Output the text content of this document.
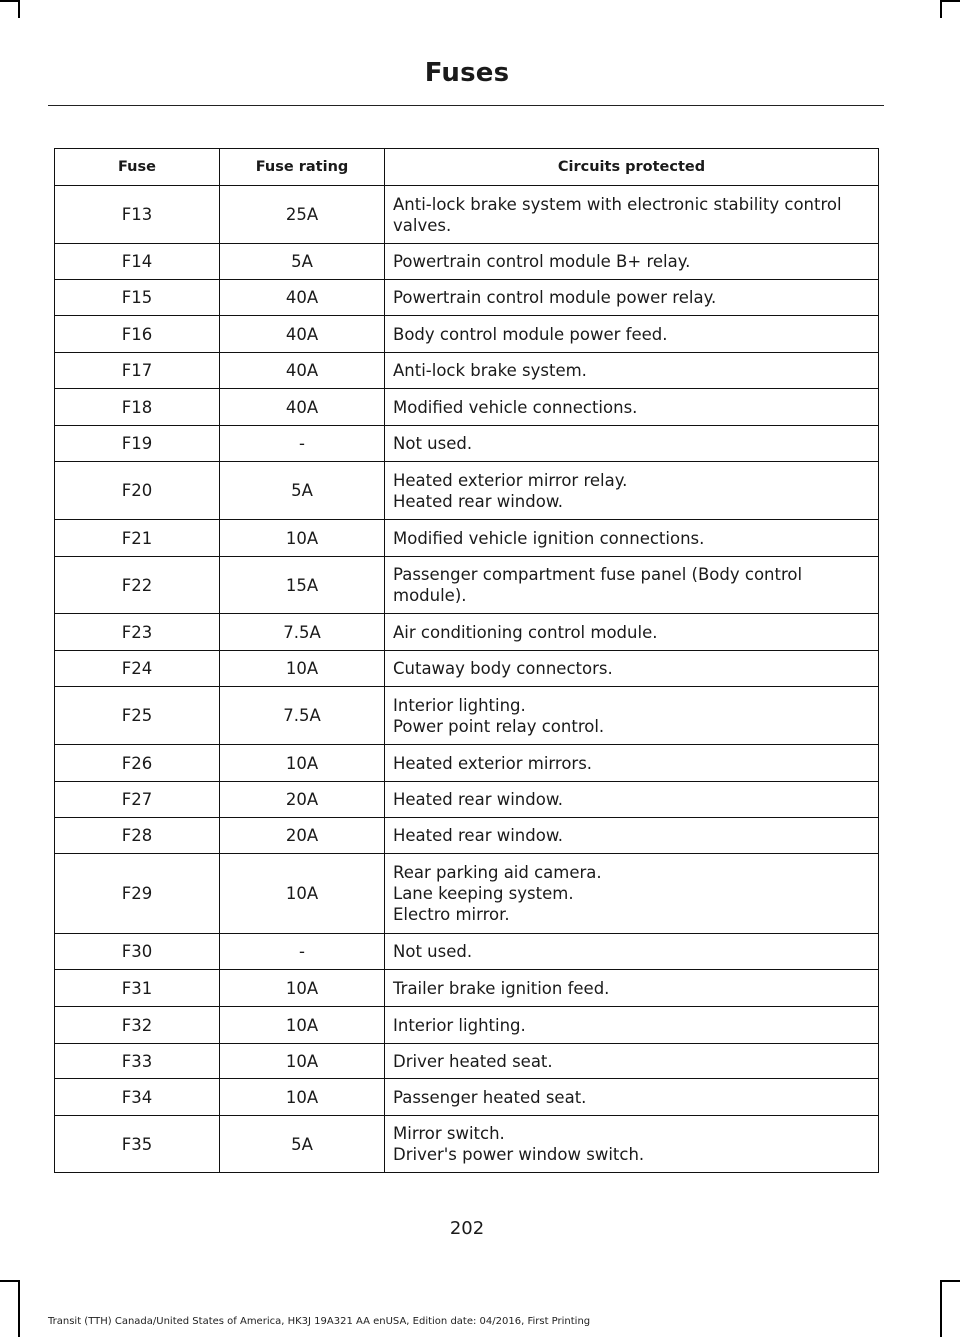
Fuses
Fuse	Fuse rating	Circuits protected
F13	25A	Anti-lock brake system with electronic stability control valves.

F14	5A	Powertrain control module B+ relay.

F15	40A	Powertrain control module power relay.

F16	40A	Body control module power feed.

F17	40A	Anti-lock brake system.

F18	40A	Modified vehicle connections.

F19	-	Not used.

F20	5A	Heated exterior mirror relay.
Heated rear window.

F21	10A	Modified vehicle ignition connections.

F22	15A	Passenger compartment fuse panel (Body control module).

F23	7.5A	Air conditioning control module.

F24	10A	Cutaway body connectors.

F25	7.5A	Interior lighting.
Power point relay control.

F26	10A	Heated exterior mirrors.

F27	20A	Heated rear window.

F28	20A	Heated rear window.

F29	10A	Rear parking aid camera.
Lane keeping system.
Electro mirror.

F30	-	Not used.

F31	10A	Trailer brake ignition feed.

F32	10A	Interior lighting.

F33	10A	Driver heated seat.

F34	10A	Passenger heated seat.

F35	5A	Mirror switch.
Driver's power window switch.
202
Transit (TTH) Canada/United States of America, HK3J 19A321 AA enUSA, Edition date: 04/2016, First Printing
